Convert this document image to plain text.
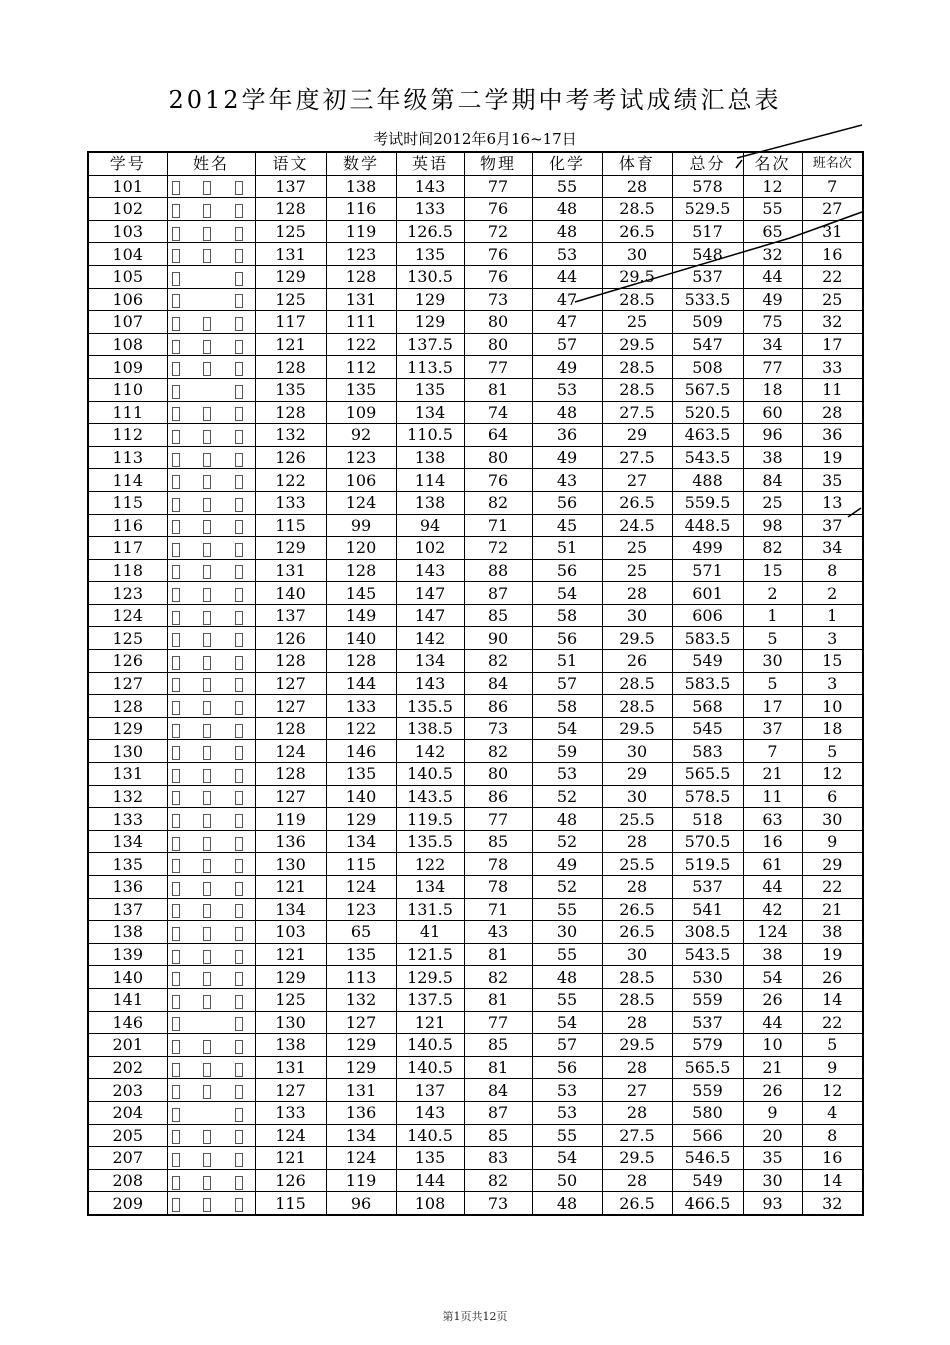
2012学年度初三年级第二学期中考考试成绩汇总表
考试时间2012年6月16~17日
学号	姓名	语文	数学	英语	物理	化学	体育	总分	名次	班名次
101		137	138	143	77	55	28	578	12	7
102		128	116	133	76	48	28.5	529.5	55	27
103		125	119	126.5	72	48	26.5	517	65	31
104		131	123	135	76	53	30	548	32	16
105		129	128	130.5	76	44	29.5	537	44	22
106		125	131	129	73	47	28.5	533.5	49	25
107		117	111	129	80	47	25	509	75	32
108		121	122	137.5	80	57	29.5	547	34	17
109		128	112	113.5	77	49	28.5	508	77	33
110		135	135	135	81	53	28.5	567.5	18	11
111		128	109	134	74	48	27.5	520.5	60	28
112		132	92	110.5	64	36	29	463.5	96	36
113		126	123	138	80	49	27.5	543.5	38	19
114		122	106	114	76	43	27	488	84	35
115		133	124	138	82	56	26.5	559.5	25	13
116		115	99	94	71	45	24.5	448.5	98	37
117		129	120	102	72	51	25	499	82	34
118		131	128	143	88	56	25	571	15	8
123		140	145	147	87	54	28	601	2	2
124		137	149	147	85	58	30	606	1	1
125		126	140	142	90	56	29.5	583.5	5	3
126		128	128	134	82	51	26	549	30	15
127		127	144	143	84	57	28.5	583.5	5	3
128		127	133	135.5	86	58	28.5	568	17	10
129		128	122	138.5	73	54	29.5	545	37	18
130		124	146	142	82	59	30	583	7	5
131		128	135	140.5	80	53	29	565.5	21	12
132		127	140	143.5	86	52	30	578.5	11	6
133		119	129	119.5	77	48	25.5	518	63	30
134		136	134	135.5	85	52	28	570.5	16	9
135		130	115	122	78	49	25.5	519.5	61	29
136		121	124	134	78	52	28	537	44	22
137		134	123	131.5	71	55	26.5	541	42	21
138		103	65	41	43	30	26.5	308.5	124	38
139		121	135	121.5	81	55	30	543.5	38	19
140		129	113	129.5	82	48	28.5	530	54	26
141		125	132	137.5	81	55	28.5	559	26	14
146		130	127	121	77	54	28	537	44	22
201		138	129	140.5	85	57	29.5	579	10	5
202		131	129	140.5	81	56	28	565.5	21	9
203		127	131	137	84	53	27	559	26	12
204		133	136	143	87	53	28	580	9	4
205		124	134	140.5	85	55	27.5	566	20	8
207		121	124	135	83	54	29.5	546.5	35	16
208		126	119	144	82	50	28	549	30	14
209		115	96	108	73	48	26.5	466.5	93	32
第1页共12页
